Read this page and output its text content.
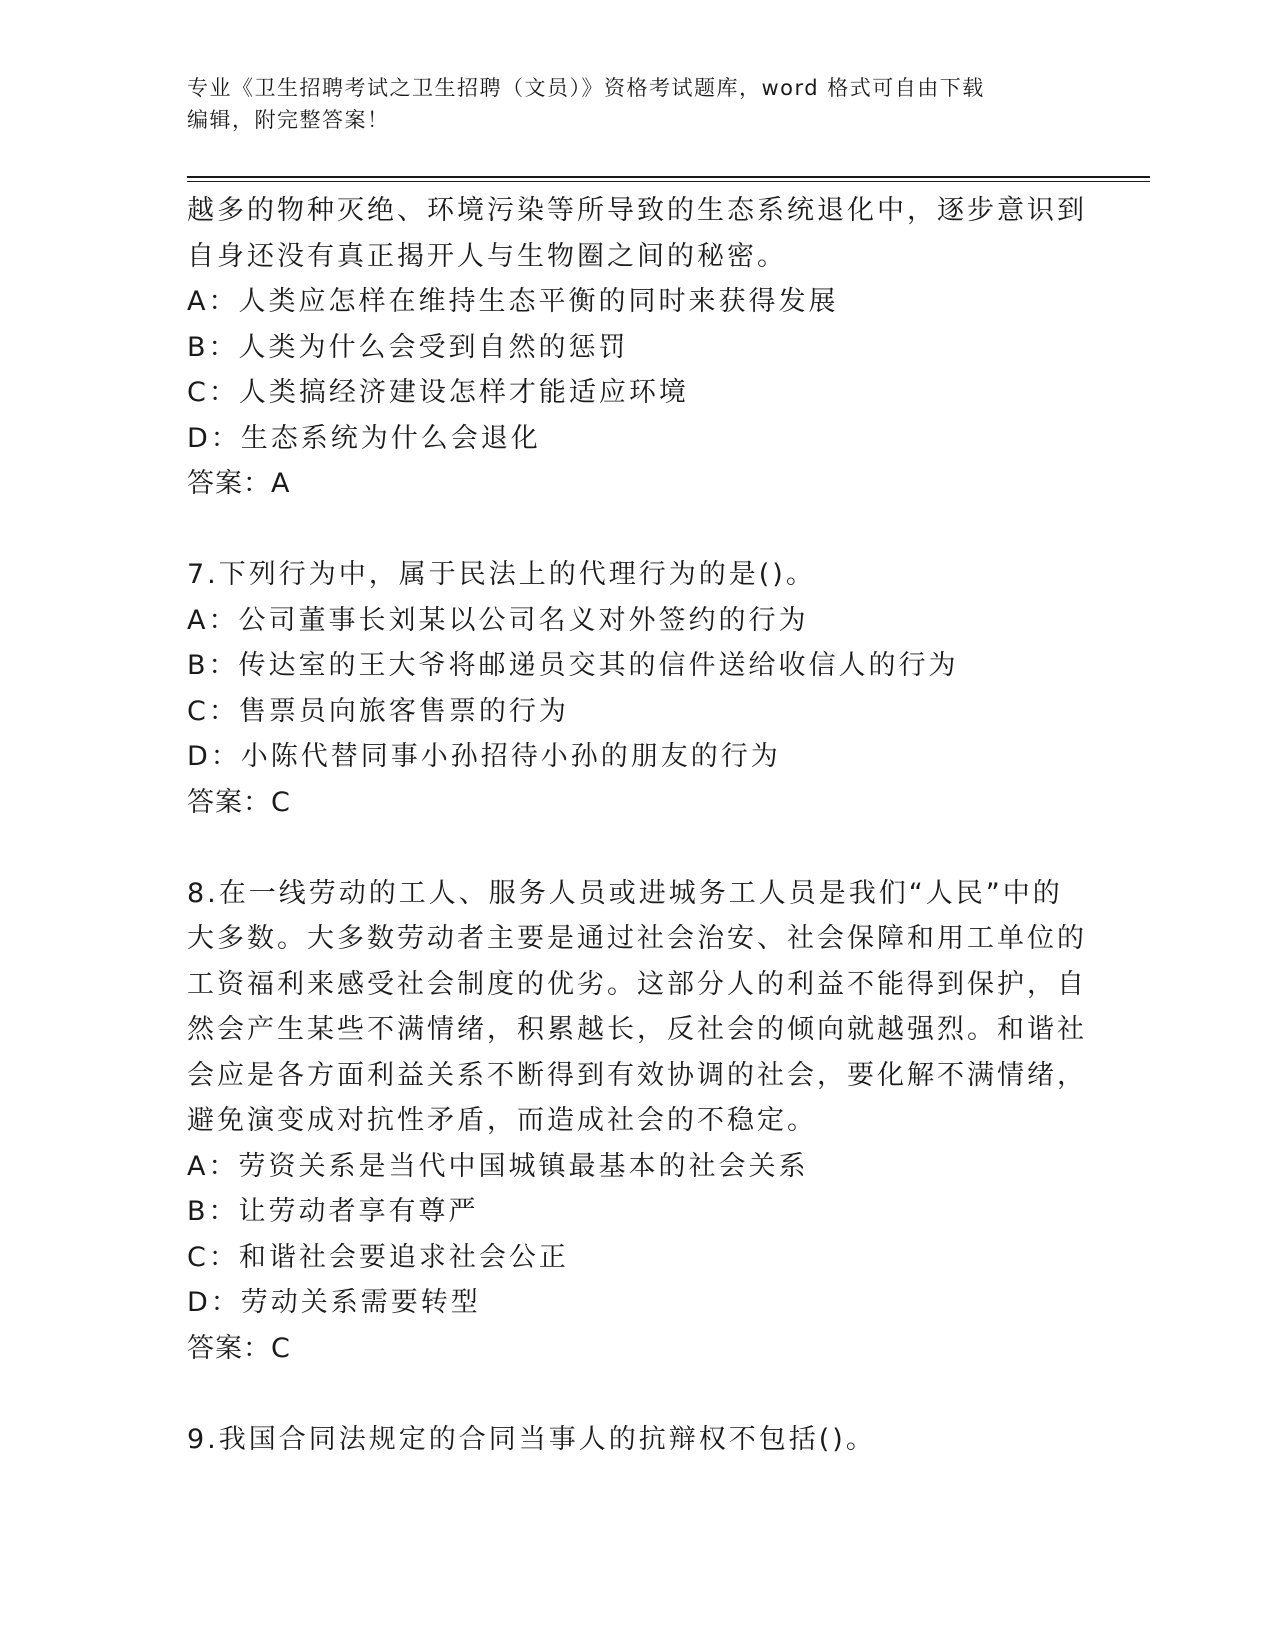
专业《卫生招聘考试之卫生招聘（文员）》资格考试题库，word 格式可自由下载
编辑，附完整答案！
越多的物种灭绝、环境污染等所导致的生态系统退化中，逐步意识到
自身还没有真正揭开人与生物圈之间的秘密。
A：人类应怎样在维持生态平衡的同时来获得发展
B：人类为什么会受到自然的惩罚
C：人类搞经济建设怎样才能适应环境
D：生态系统为什么会退化
答案：A
7.下列行为中，属于民法上的代理行为的是()。
A：公司董事长刘某以公司名义对外签约的行为
B：传达室的王大爷将邮递员交其的信件送给收信人的行为
C：售票员向旅客售票的行为
D：小陈代替同事小孙招待小孙的朋友的行为
答案：C
8.在一线劳动的工人、服务人员或进城务工人员是我们“人民”中的
大多数。大多数劳动者主要是通过社会治安、社会保障和用工单位的
工资福利来感受社会制度的优劣。这部分人的利益不能得到保护，自
然会产生某些不满情绪，积累越长，反社会的倾向就越强烈。和谐社
会应是各方面利益关系不断得到有效协调的社会，要化解不满情绪，
避免演变成对抗性矛盾，而造成社会的不稳定。
A：劳资关系是当代中国城镇最基本的社会关系
B：让劳动者享有尊严
C：和谐社会要追求社会公正
D：劳动关系需要转型
答案：C
9.我国合同法规定的合同当事人的抗辩权不包括()。
